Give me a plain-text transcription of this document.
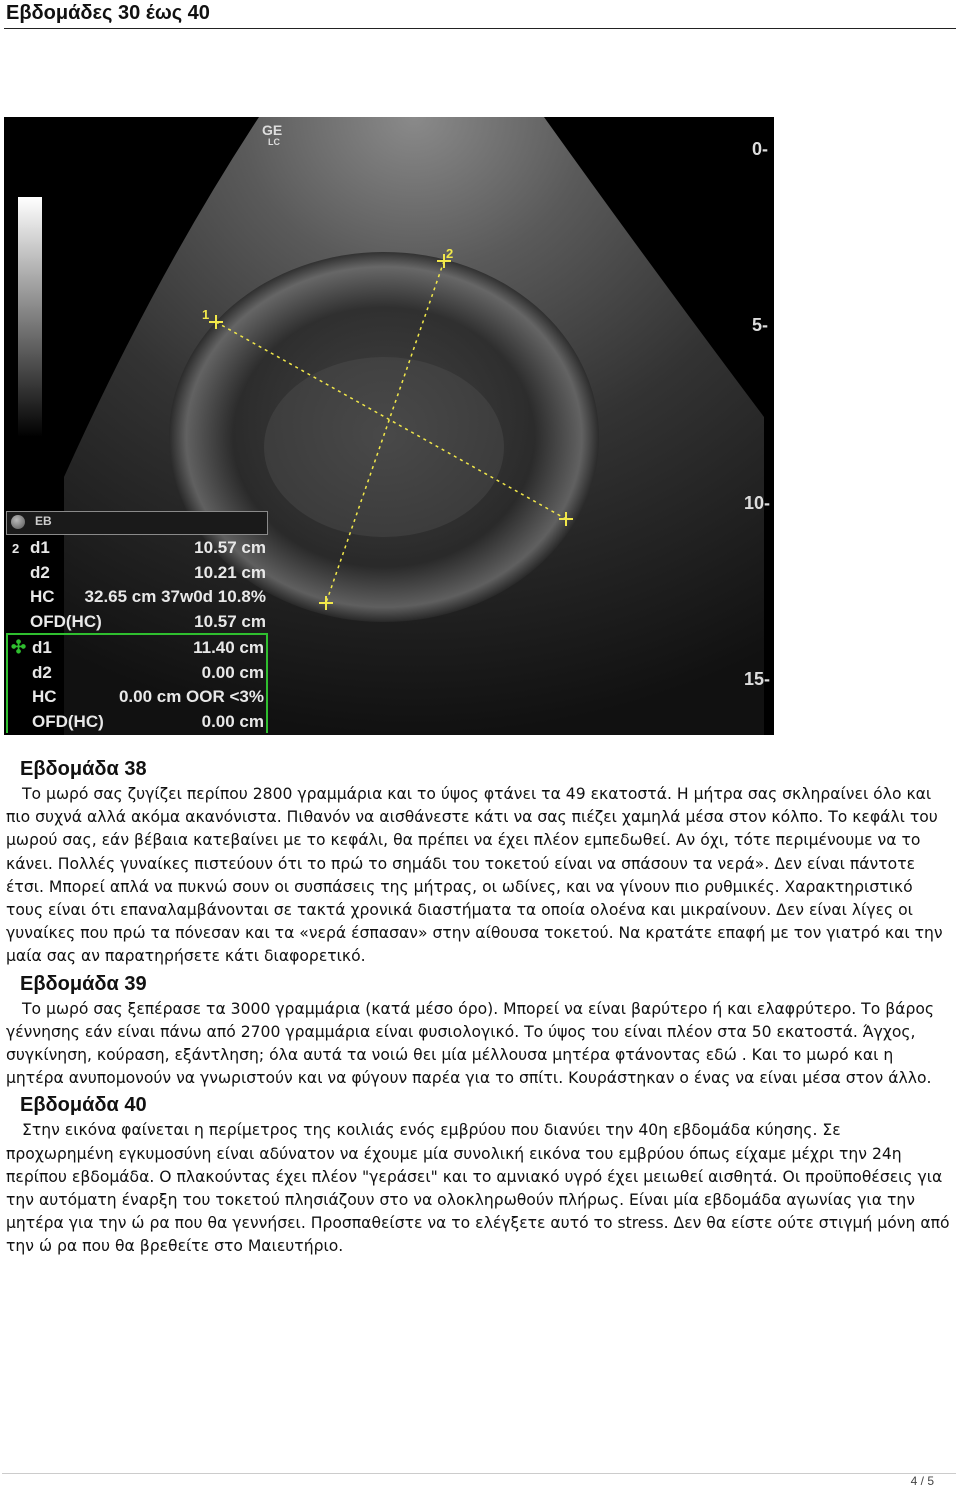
Εβδομάδες 30 έως 40
GE
LC	0-
5-
10-
15-
1
2
EB
2 d1	10.57 cm
d2	10.21 cm
HC 32.65 cm 37w0d 10.8%
OFD(HC)	10.57 cm
✣ d1	11.40 cm
d2	0.00 cm
HC	0.00 cm OOR <3%
OFD(HC)	0.00 cm
Εβδομάδα 38

Το μωρό σας ζυγίζει περίπου 2800 γραμμάρια και το ύψος φτάνει τα 49 εκατοστά. Η μήτρα σας σκληραίνει όλο και πιο συχνά αλλά ακόμα ακανόνιστα. Πιθανόν να αισθάνεστε κάτι να σας πιέζει χαμηλά μέσα στον κόλπο. Το κεφάλι του μωρού σας, εάν βέβαια κατεβαίνει με το κεφάλι, θα πρέπει να έχει πλέον εμπεδωθεί. Αν όχι, τότε περιμένουμε να το κάνει. Πολλές γυναίκες πιστεύουν ότι το πρώ το σημάδι του τοκετού είναι να σπάσουν τα νερά». Δεν είναι πάντοτε έτσι. Μπορεί απλά να πυκνώ σουν οι συσπάσεις της μήτρας, οι ωδίνες, και να γίνουν πιο ρυθμικές. Χαρακτηριστικό τους είναι ότι επαναλαμβάνονται σε τακτά χρονικά διαστήματα τα οποία ολοένα και μικραίνουν. Δεν είναι λίγες οι γυναίκες που πρώ τα πόνεσαν και τα «νερά έσπασαν» στην αίθουσα τοκετού. Να κρατάτε επαφή με τον γιατρό και την μαία σας αν παρατηρήσετε κάτι διαφορετικό.

Εβδομάδα 39

Το μωρό σας ξεπέρασε τα 3000 γραμμάρια (κατά μέσο όρο). Μπορεί να είναι βαρύτερο ή και ελαφρύτερο. Το βάρος γέννησης εάν είναι πάνω από 2700 γραμμάρια είναι φυσιολογικό. Το ύψος του είναι πλέον στα 50 εκατοστά. Άγχος, συγκίνηση, κούραση, εξάντληση; όλα αυτά τα νοιώ θει μία μέλλουσα μητέρα φτάνοντας εδώ . Και το μωρό και η μητέρα ανυπομονούν να γνωριστούν και να φύγουν παρέα για το σπίτι. Κουράστηκαν ο ένας να είναι μέσα στον άλλο.

Εβδομάδα 40

Στην εικόνα φαίνεται η περίμετρος της κοιλιάς ενός εμβρύου που διανύει την 40η εβδομάδα κύησης. Σε προχωρημένη εγκυμοσύνη είναι αδύνατον να έχουμε μία συνολική εικόνα του εμβρύου όπως είχαμε μέχρι την 24η περίπου εβδομάδα. Ο πλακούντας έχει πλέον "γεράσει" και το αμνιακό υγρό έχει μειωθεί αισθητά. Οι προϋποθέσεις για την αυτόματη έναρξη του τοκετού πλησιάζουν στο να ολοκληρωθούν πλήρως. Είναι μία εβδομάδα αγωνίας για την μητέρα για την ώ ρα που θα γεννήσει. Προσπαθείστε να το ελέγξετε αυτό το stress. Δεν θα είστε ούτε στιγμή μόνη από την ώ ρα που θα βρεθείτε στο Μαιευτήριο.

4 / 5
